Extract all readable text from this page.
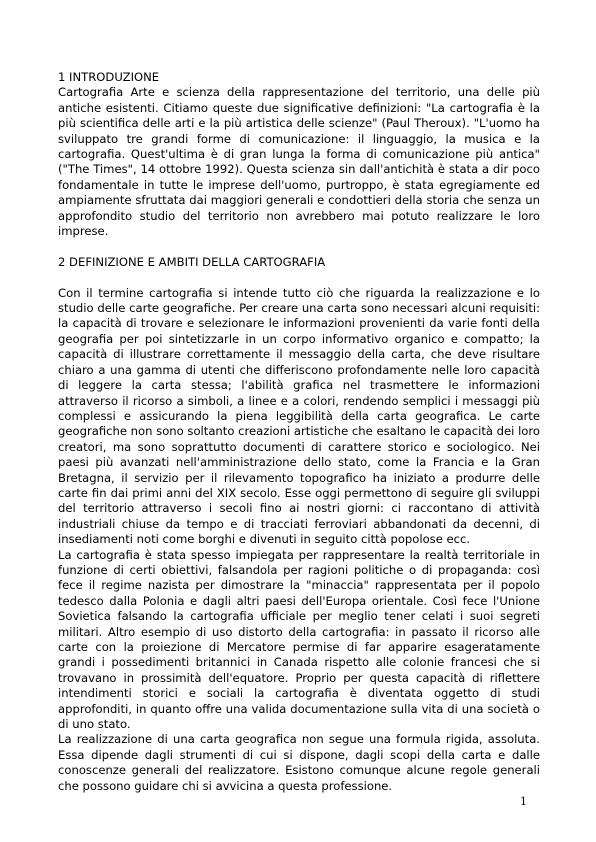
1 INTRODUZIONE

Cartografia Arte e scienza della rappresentazione del territorio, una delle più antiche esistenti. Citiamo queste due significative definizioni: "La cartografia è la più scientifica delle arti e la più artistica delle scienze" (Paul Theroux). "L'uomo ha sviluppato tre grandi forme di comunicazione: il linguaggio, la musica e la cartografia. Quest'ultima è di gran lunga la forma di comunicazione più antica" ("The Times", 14 ottobre 1992). Questa scienza sin dall'antichità è stata a dir poco fondamentale in tutte le imprese dell'uomo, purtroppo, è stata egregiamente ed ampiamente sfruttata dai maggiori generali e condottieri della storia che senza un approfondito studio del territorio non avrebbero mai potuto realizzare le loro imprese.

2 DEFINIZIONE E AMBITI DELLA CARTOGRAFIA

Con il termine cartografia si intende tutto ciò che riguarda la realizzazione e lo studio delle carte geografiche. Per creare una carta sono necessari alcuni requisiti: la capacità di trovare e selezionare le informazioni provenienti da varie fonti della geografia per poi sintetizzarle in un corpo informativo organico e compatto; la capacità di illustrare correttamente il messaggio della carta, che deve risultare chiaro a una gamma di utenti che differiscono profondamente nelle loro capacità di leggere la carta stessa; l'abilità grafica nel trasmettere le informazioni attraverso il ricorso a simboli, a linee e a colori, rendendo semplici i messaggi più complessi e assicurando la piena leggibilità della carta geografica. Le carte geografiche non sono soltanto creazioni artistiche che esaltano le capacità dei loro creatori, ma sono soprattutto documenti di carattere storico e sociologico. Nei paesi più avanzati nell'amministrazione dello stato, come la Francia e la Gran Bretagna, il servizio per il rilevamento topografico ha iniziato a produrre delle carte fin dai primi anni del XIX secolo. Esse oggi permettono di seguire gli sviluppi del territorio attraverso i secoli fino ai nostri giorni: ci raccontano di attività industriali chiuse da tempo e di tracciati ferroviari abbandonati da decenni, di insediamenti noti come borghi e divenuti in seguito città popolose ecc.

La cartografia è stata spesso impiegata per rappresentare la realtà territoriale in funzione di certi obiettivi, falsandola per ragioni politiche o di propaganda: così fece il regime nazista per dimostrare la "minaccia" rappresentata per il popolo tedesco dalla Polonia e dagli altri paesi dell'Europa orientale. Così fece l'Unione Sovietica falsando la cartografia ufficiale per meglio tener celati i suoi segreti militari. Altro esempio di uso distorto della cartografia: in passato il ricorso alle carte con la proiezione di Mercatore permise di far apparire esageratamente grandi i possedimenti britannici in Canada rispetto alle colonie francesi che si trovavano in prossimità dell'equatore. Proprio per questa capacità di riflettere intendimenti storici e sociali la cartografia è diventata oggetto di studi approfonditi, in quanto offre una valida documentazione sulla vita di una società o di uno stato.

La realizzazione di una carta geografica non segue una formula rigida, assoluta. Essa dipende dagli strumenti di cui si dispone, dagli scopi della carta e dalle conoscenze generali del realizzatore. Esistono comunque alcune regole generali che possono guidare chi si avvicina a questa professione.

1
